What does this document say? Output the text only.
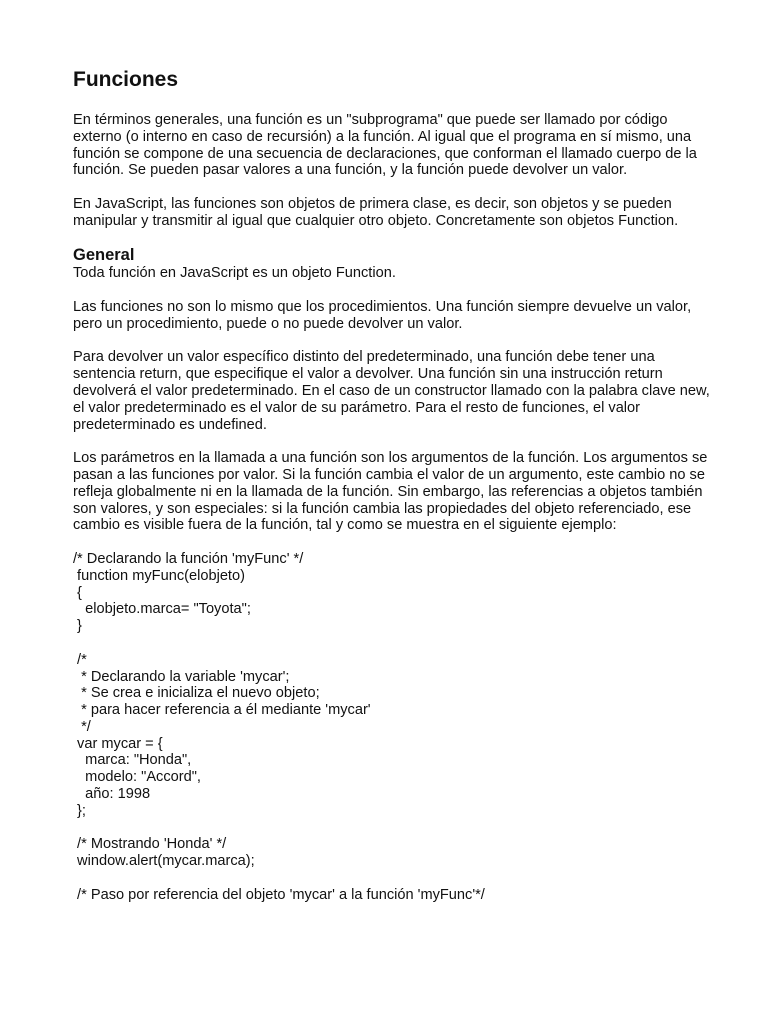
Funciones

En términos generales, una función es un "subprograma" que puede ser llamado por código externo (o interno en caso de recursión) a la función. Al igual que el programa en sí mismo, una función se compone de una secuencia de declaraciones, que conforman el llamado cuerpo de la función. Se pueden pasar valores a una función, y la función puede devolver un valor.

En JavaScript, las funciones son objetos de primera clase, es decir, son objetos y se pueden manipular y transmitir al igual que cualquier otro objeto. Concretamente son objetos Function.

General

Toda función en JavaScript es un objeto Function.

Las funciones no son lo mismo que los procedimientos. Una función siempre devuelve un valor, pero un procedimiento, puede o no puede devolver un valor.

Para devolver un valor específico distinto del predeterminado, una función debe tener una sentencia return, que especifique el valor a devolver. Una función sin una instrucción return devolverá el valor predeterminado. En el caso de un constructor llamado con la palabra clave new, el valor predeterminado es el valor de su parámetro. Para el resto de funciones, el valor predeterminado es undefined.

Los parámetros en la llamada a una función son los argumentos de la función. Los argumentos se pasan a las funciones por valor. Si la función cambia el valor de un argumento, este cambio no se refleja globalmente ni en la llamada de la función. Sin embargo, las referencias a objetos también son valores, y son especiales: si la función cambia las propiedades del objeto referenciado, ese cambio es visible fuera de la función, tal y como se muestra en el siguiente ejemplo:

/* Declarando la función 'myFunc' */
function myFunc(elobjeto)
{
elobjeto.marca= "Toyota";
}
/*
* Declarando la variable 'mycar';
* Se crea e inicializa el nuevo objeto;
* para hacer referencia a él mediante 'mycar'
*/
var mycar = {
marca: "Honda",
modelo: "Accord",
año: 1998
};
/* Mostrando 'Honda' */
window.alert(mycar.marca);
/* Paso por referencia del objeto 'mycar' a la función 'myFunc'*/
